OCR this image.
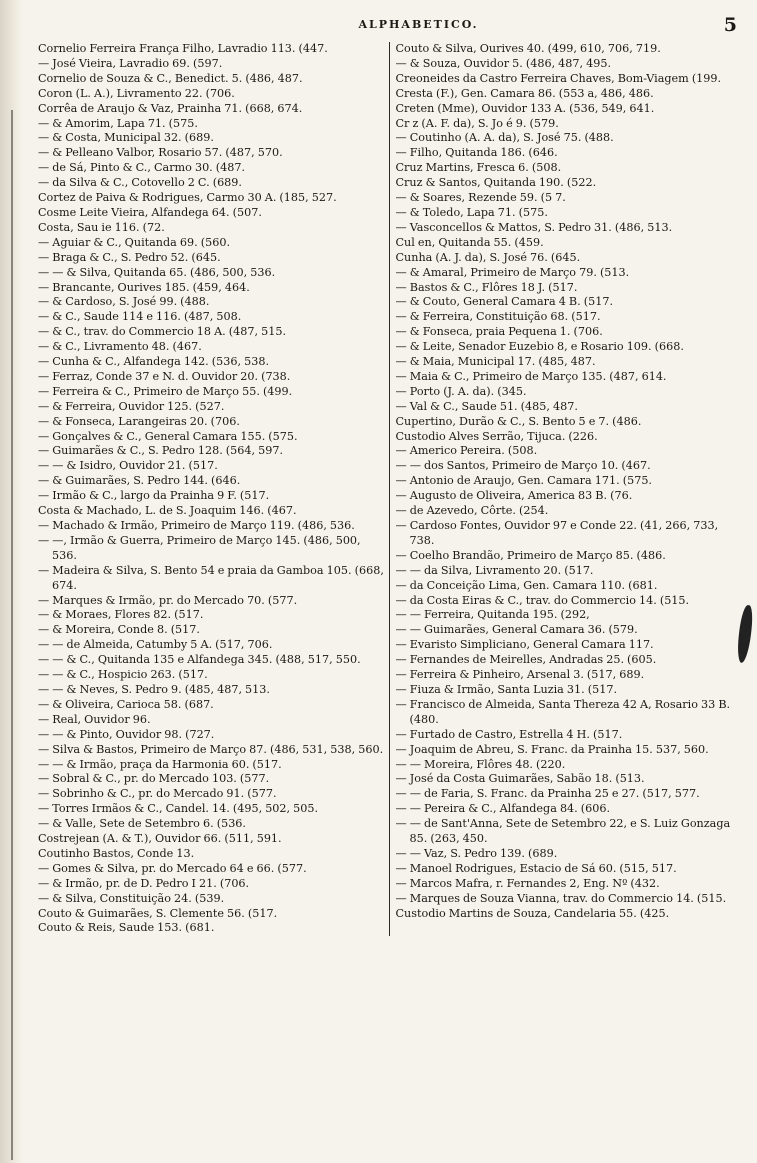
ALPHABETICO.	5
Cornelio Ferreira França Filho, Lavradio 113. (447.
— José Vieira, Lavradio 69. (597.
Cornelio de Souza & C., Benedict. 5. (486, 487.
Coron (L. A.), Livramento 22. (706.
Corrêa de Araujo & Vaz, Prainha 71. (668, 674.
— & Amorim, Lapa 71. (575.
— & Costa, Municipal 32. (689.
— & Pelleano Valbor, Rosario 57. (487, 570.
— de Sá, Pinto & C., Carmo 30. (487.
— da Silva & C., Cotovello 2 C. (689.
Cortez de Paiva & Rodrigues, Carmo 30 A. (185, 527.
Cosme Leite Vieira, Alfandega 64. (507.
Costa, Sau ie 116. (72.
— Aguiar & C., Quitanda 69. (560.
— Braga & C., S. Pedro 52. (645.
— — & Silva, Quitanda 65. (486, 500, 536.
— Brancante, Ourives 185. (459, 464.
— & Cardoso, S. José 99. (488.
— & C., Saude 114 e 116. (487, 508.
— & C., trav. do Commercio 18 A. (487, 515.
— & C., Livramento 48. (467.
— Cunha & C., Alfandega 142. (536, 538.
— Ferraz, Conde 37 e N. d. Ouvidor 20. (738.
— Ferreira & C., Primeiro de Março 55. (499.
— & Ferreira, Ouvidor 125. (527.
— & Fonseca, Larangeiras 20. (706.
— Gonçalves & C., General Camara 155. (575.
— Guimarães & C., S. Pedro 128. (564, 597.
— — & Isidro, Ouvidor 21. (517.
— & Guimarães, S. Pedro 144. (646.
— Irmão & C., largo da Prainha 9 F. (517.
Costa & Machado, L. de S. Joaquim 146. (467.
— Machado & Irmão, Primeiro de Março 119. (486, 536.
— —, Irmão & Guerra, Primeiro de Março 145. (486, 500, 536.
— Madeira & Silva, S. Bento 54 e praia da Gamboa 105. (668, 674.
— Marques & Irmão, pr. do Mercado 70. (577.
— & Moraes, Flores 82. (517.
— & Moreira, Conde 8. (517.
— — de Almeida, Catumby 5 A. (517, 706.
— — & C., Quitanda 135 e Alfandega 345. (488, 517, 550.
— — & C., Hospicio 263. (517.
— — & Neves, S. Pedro 9. (485, 487, 513.
— & Oliveira, Carioca 58. (687.
— Real, Ouvidor 96.
— — & Pinto, Ouvidor 98. (727.
— Silva & Bastos, Primeiro de Março 87. (486, 531, 538, 560.
— — & Irmão, praça da Harmonia 60. (517.
— Sobral & C., pr. do Mercado 103. (577.
— Sobrinho & C., pr. do Mercado 91. (577.
— Torres Irmãos & C., Candel. 14. (495, 502, 505.
— & Valle, Sete de Setembro 6. (536.
Costrejean (A. & T.), Ouvidor 66. (511, 591.
Coutinho Bastos, Conde 13.
— Gomes & Silva, pr. do Mercado 64 e 66. (577.
— & Irmão, pr. de D. Pedro I 21. (706.
— & Silva, Constituição 24. (539.
Couto & Guimarães, S. Clemente 56. (517.
Couto & Reis, Saude 153. (681.
Couto & Silva, Ourives 40. (499, 610, 706, 719.
— & Souza, Ouvidor 5. (486, 487, 495.
Creoneides da Castro Ferreira Chaves, Bom-Viagem (199.
Cresta (F.), Gen. Camara 86. (553 a, 486, 486.
Creten (Mme), Ouvidor 133 A. (536, 549, 641.
Cr z (A. F. da), S. Jo é 9. (579.
— Coutinho (A. A. da), S. José 75. (488.
— Filho, Quitanda 186. (646.
Cruz Martins, Fresca 6. (508.
Cruz & Santos, Quitanda 190. (522.
— & Soares, Rezende 59. (5 7.
— & Toledo, Lapa 71. (575.
— Vasconcellos & Mattos, S. Pedro 31. (486, 513.
Cul en, Quitanda 55. (459.
Cunha (A. J. da), S. José 76. (645.
— & Amaral, Primeiro de Março 79. (513.
— Bastos & C., Flôres 18 J. (517.
— & Couto, General Camara 4 B. (517.
— & Ferreira, Constituição 68. (517.
— & Fonseca, praia Pequena 1. (706.
— & Leite, Senador Euzebio 8, e Rosario 109. (668.
— & Maia, Municipal 17. (485, 487.
— Maia & C., Primeiro de Março 135. (487, 614.
— Porto (J. A. da). (345.
— Val & C., Saude 51. (485, 487.
Cupertino, Durão & C., S. Bento 5 e 7. (486.
Custodio Alves Serrão, Tijuca. (226.
— Americo Pereira. (508.
— — dos Santos, Primeiro de Março 10. (467.
— Antonio de Araujo, Gen. Camara 171. (575.
— Augusto de Oliveira, America 83 B. (76.
— de Azevedo, Côrte. (254.
— Cardoso Fontes, Ouvidor 97 e Conde 22. (41, 266, 733, 738.
— Coelho Brandão, Primeiro de Março 85. (486.
— — da Silva, Livramento 20. (517.
— da Conceição Lima, Gen. Camara 110. (681.
— da Costa Eiras & C., trav. do Commercio 14. (515.
— — Ferreira, Quitanda 195. (292,
— — Guimarães, General Camara 36. (579.
— Evaristo Simpliciano, General Camara 117.
— Fernandes de Meirelles, Andradas 25. (605.
— Ferreira & Pinheiro, Arsenal 3. (517, 689.
— Fiuza & Irmão, Santa Luzia 31. (517.
— Francisco de Almeida, Santa Thereza 42 A, Rosario 33 B. (480.
— Furtado de Castro, Estrella 4 H. (517.
— Joaquim de Abreu, S. Franc. da Prainha 15. 537, 560.
— — Moreira, Flôres 48. (220.
— José da Costa Guimarães, Sabão 18. (513.
— — de Faria, S. Franc. da Prainha 25 e 27. (517, 577.
— — Pereira & C., Alfandega 84. (606.
— — de Sant'Anna, Sete de Setembro 22, e S. Luiz Gonzaga 85. (263, 450.
— — Vaz, S. Pedro 139. (689.
— Manoel Rodrigues, Estacio de Sá 60. (515, 517.
— Marcos Mafra, r. Fernandes 2, Eng. Nº (432.
— Marques de Souza Vianna, trav. do Commercio 14. (515.
Custodio Martins de Souza, Candelaria 55. (425.
